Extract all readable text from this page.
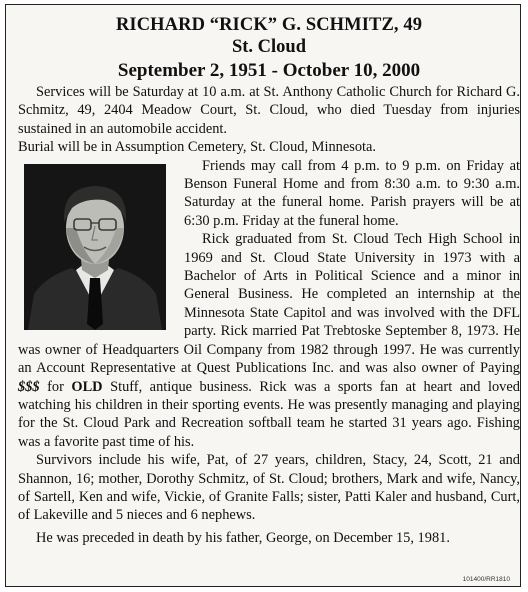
RICHARD “RICK” G. SCHMITZ, 49
St. Cloud
September 2, 1951 - October 10, 2000

Services will be Saturday at 10 a.m. at St. Anthony Catholic Church for Richard G. Schmitz, 49, 2404 Meadow Court, St. Cloud, who died Tuesday from injuries sustained in an automobile accident.

Burial will be in Assumption Cemetery, St. Cloud, Minnesota.

Friends may call from 4 p.m. to 9 p.m. on Friday at Benson Funeral Home and from 8:30 a.m. to 9:30 a.m. Saturday at the funeral home. Parish prayers will be at 6:30 p.m. Friday at the funeral home.

Rick graduated from St. Cloud Tech High School in 1969 and St. Cloud State University in 1973 with a Bachelor of Arts in Political Science and a minor in General Business. He completed an internship at the Minnesota State Capitol and was involved with the DFL party. Rick married Pat Trebtoske September 8, 1973. He was owner of Headquarters Oil Company from 1982 through 1997. He was currently an Account Representative at Quest Publications Inc. and was also owner of Paying $$$ for OLD Stuff, antique business. Rick was a sports fan at heart and loved watching his children in their sporting events. He was presently managing and playing for the St. Cloud Park and Recreation softball team he started 31 years ago. Fishing was a favorite past time of his.

Survivors include his wife, Pat, of 27 years, children, Stacy, 24, Scott, 21 and Shannon, 16; mother, Dorothy Schmitz, of St. Cloud; brothers, Mark and wife, Nancy, of Sartell, Ken and wife, Vickie, of Granite Falls; sister, Patti Kaler and husband, Curt, of Lakeville and 5 nieces and 6 nephews.

He was preceded in death by his father, George, on December 15, 1981.

101400/RR1810
